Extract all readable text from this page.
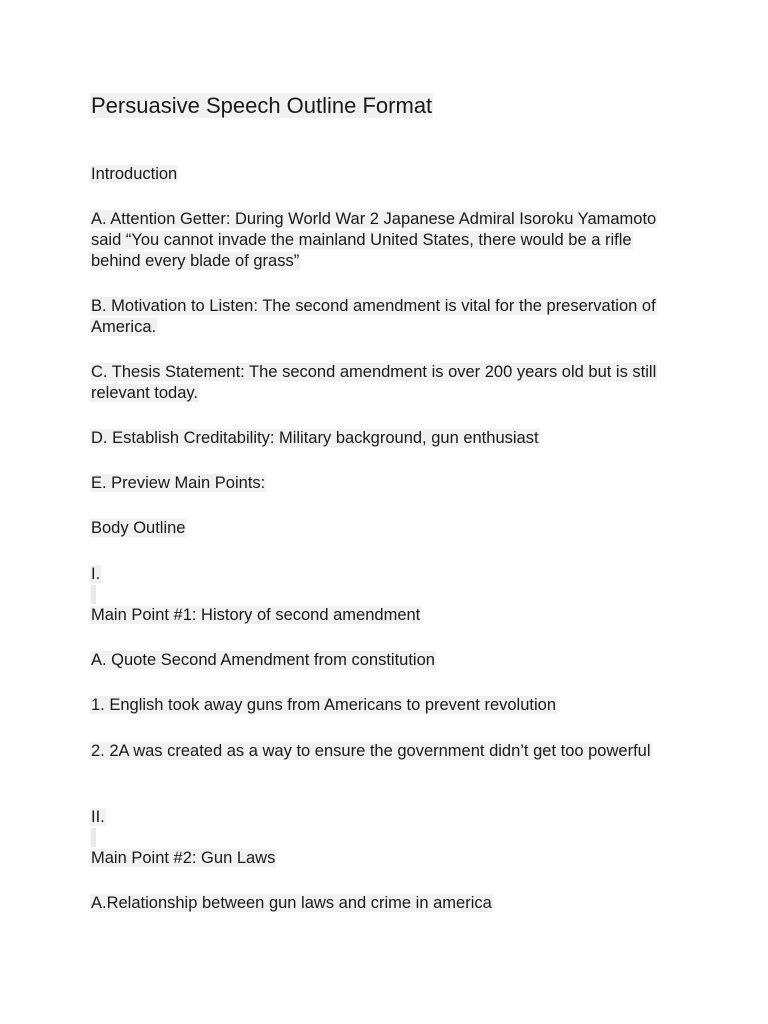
Persuasive Speech Outline Format
Introduction
A. Attention Getter: During World War 2 Japanese Admiral Isoroku Yamamoto
said “You cannot invade the mainland United States, there would be a rifle
behind every blade of grass”
B. Motivation to Listen: The second amendment is vital for the preservation of
America.
C. Thesis Statement: The second amendment is over 200 years old but is still
relevant today.
D. Establish Creditability: Military background, gun enthusiast
E. Preview Main Points:
Body Outline
I.
Main Point #1: History of second amendment
A. Quote Second Amendment from constitution
1. English took away guns from Americans to prevent revolution
2. 2A was created as a way to ensure the government didn’t get too powerful
II.
Main Point #2: Gun Laws
A.Relationship between gun laws and crime in america
